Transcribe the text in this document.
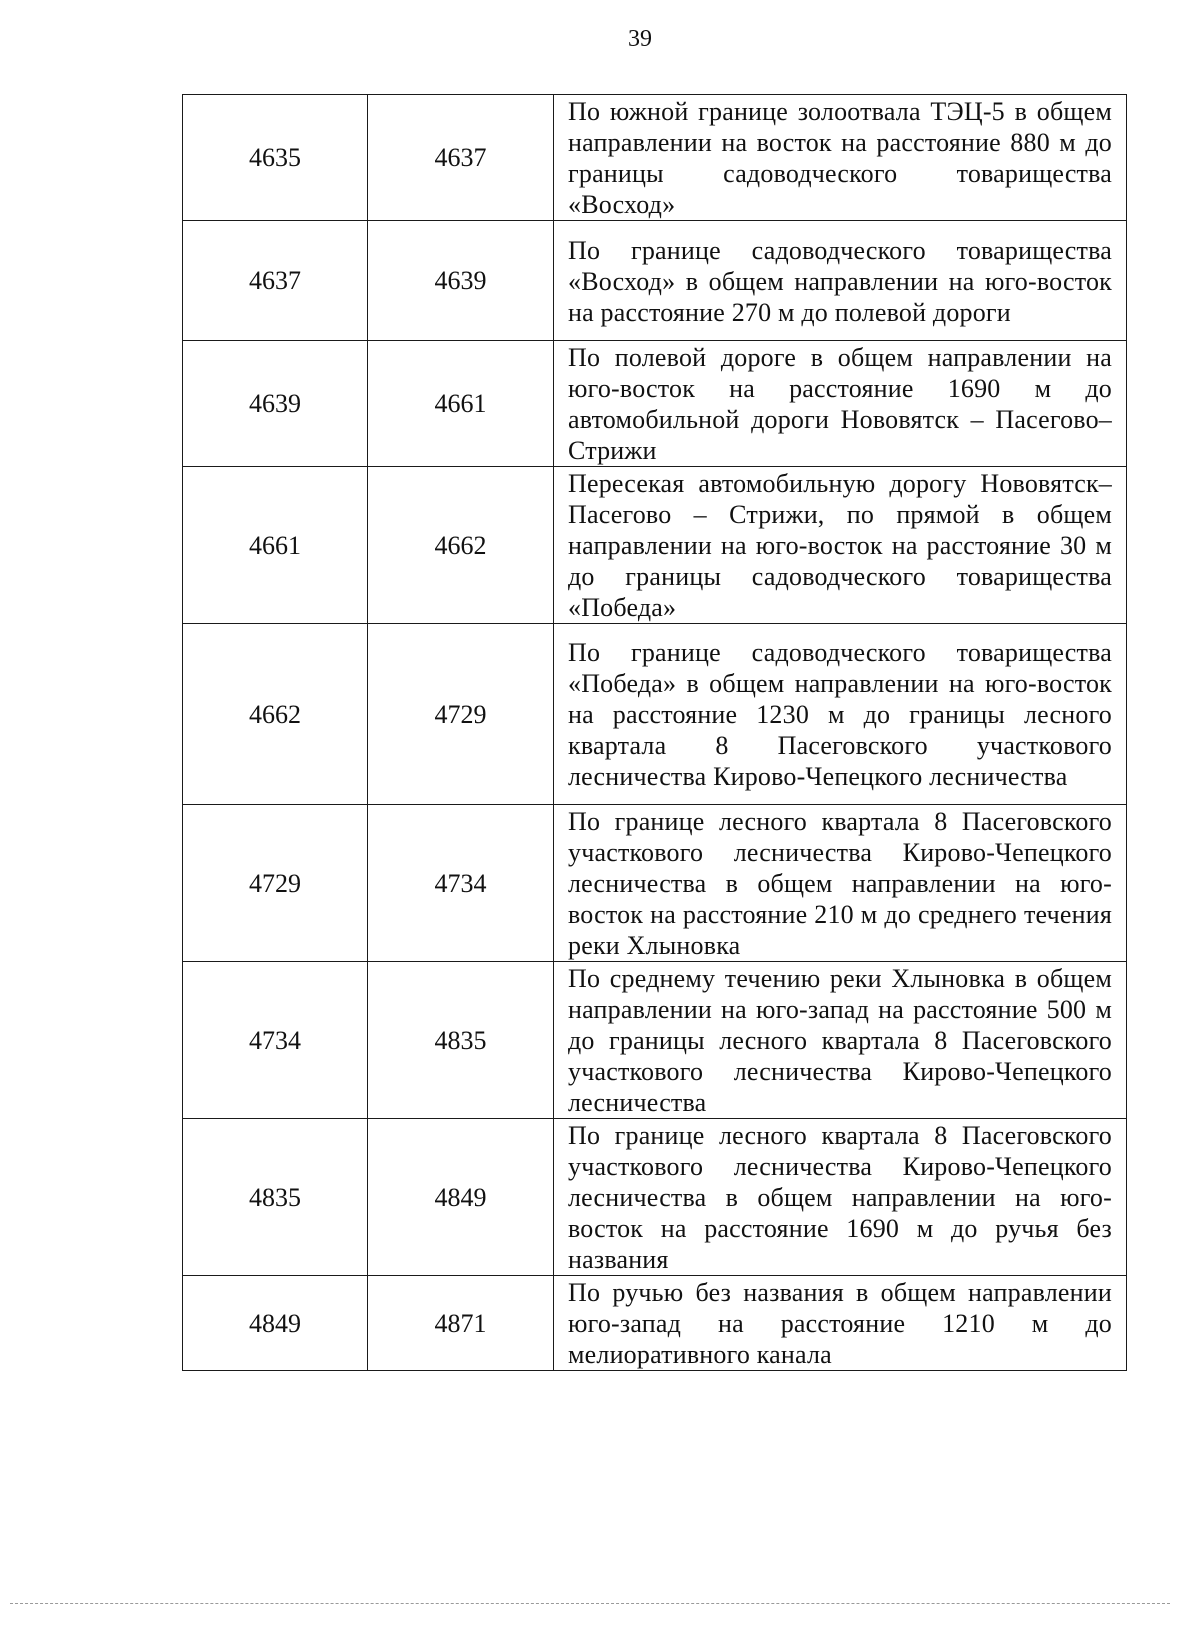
39
4635	4637	По южной границе золоотвала ТЭЦ-5 в общем направлении на восток на расстояние 880 м до границы садоводческого товарищества «Восход»
4637	4639	По границе садоводческого товарищества «Восход» в общем направлении на юго-восток на расстояние 270 м до полевой дороги
4639	4661	По полевой дороге в общем направлении на юго-восток на расстояние 1690 м до автомобильной дороги Нововятск – Пасегово– Стрижи
4661	4662	Пересекая автомобильную дорогу Нововятск– Пасегово – Стрижи, по прямой в общем направлении на юго-восток на расстояние 30 м до границы садоводческого товарищества «Победа»
4662	4729	По границе садоводческого товарищества «Победа» в общем направлении на юго-восток на расстояние 1230 м до границы лесного квартала 8 Пасеговского участкового лесничества Кирово-Чепецкого лесничества
4729	4734	По границе лесного квартала 8 Пасеговского участкового лесничества Кирово-Чепецкого лесничества в общем направлении на юго-восток на расстояние 210 м до среднего течения реки Хлыновка
4734	4835	По среднему течению реки Хлыновка в общем направлении на юго-запад на расстояние 500 м до границы лесного квартала 8 Пасеговского участкового лесничества Кирово-Чепецкого лесничества
4835	4849	По границе лесного квартала 8 Пасеговского участкового лесничества Кирово-Чепецкого лесничества в общем направлении на юго-восток на расстояние 1690 м до ручья без названия
4849	4871	По ручью без названия в общем направлении юго-запад на расстояние 1210 м до мелиоративного канала
